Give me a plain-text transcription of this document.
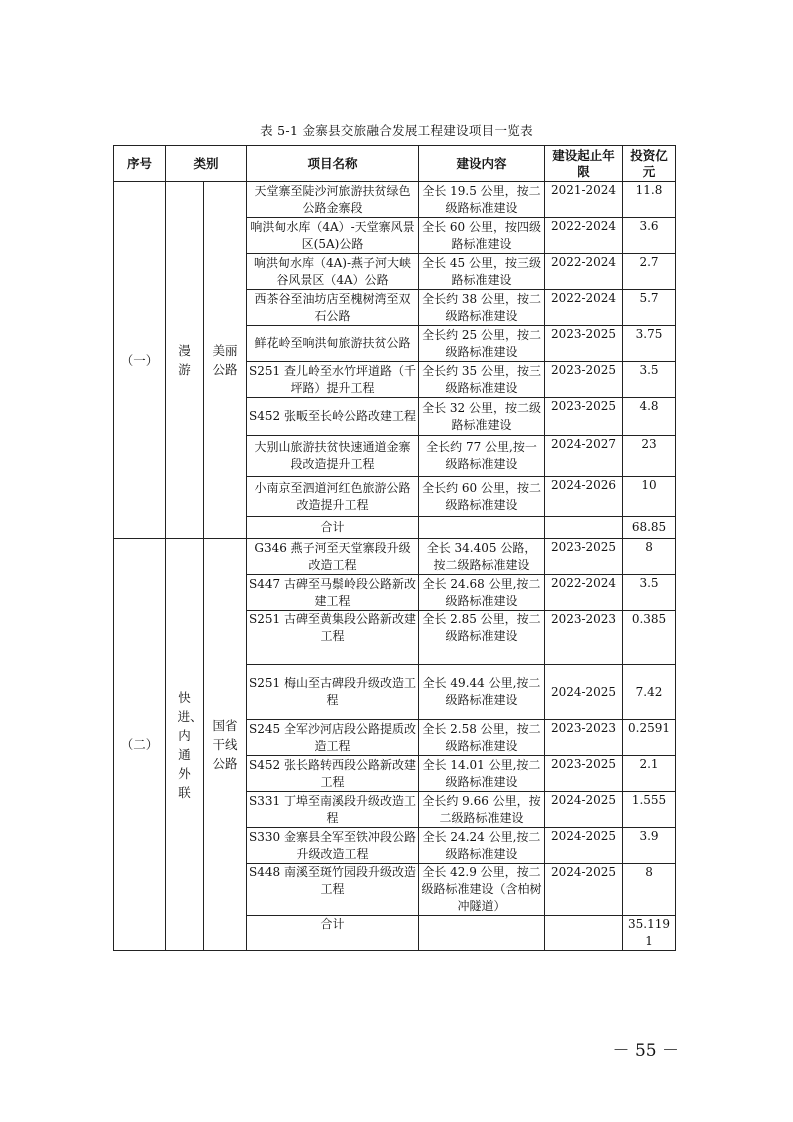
表 5-1 金寨县交旅融合发展工程建设项目一览表
序号	类别		项目名称	建设内容	建设起止年限	投资亿元
（一）	漫游	美丽公路	天堂寨至陡沙河旅游扶贫绿色公路金寨段	全长 19.5 公里，按二级路标准建设	2021-2024	11.8
			响洪甸水库（4A）-天堂寨风景区(5A)公路	全长 60 公里，按四级路标准建设	2022-2024	3.6
			响洪甸水库（4A)-燕子河大峡谷风景区（4A）公路	全长 45 公里，按三级路标准建设	2022-2024	2.7
			西茶谷至油坊店至槐树湾至双石公路	全长约 38 公里，按二级路标准建设	2022-2024	5.7
			鲜花岭至响洪甸旅游扶贫公路	全长约 25 公里，按二级路标准建设	2023-2025	3.75
			S251 查儿岭至水竹坪道路（千坪路）提升工程	全长约 35 公里，按三级路标准建设	2023-2025	3.5
			S452 张畈至长岭公路改建工程	全长 32 公里，按二级路标准建设	2023-2025	4.8
			大别山旅游扶贫快速通道金寨段改造提升工程	全长约 77 公里,按一级路标准建设	2024-2027	23
			小南京至泗道河红色旅游公路改造提升工程	全长约 60 公里，按二级路标准建设	2024-2026	10
			合计			68.85
（二）	快进、内通外联	国省干线公路	G346 燕子河至天堂寨段升级改造工程	全长 34.405 公路，按二级路标准建设	2023-2025	8
			S447 古碑至马鬃岭段公路新改建工程	全长 24.68 公里,按二级路标准建设	2022-2024	3.5
			S251 古碑至黄集段公路新改建工程	全长 2.85 公里，按二级路标准建设	2023-2023	0.385
			S251 梅山至古碑段升级改造工程	全长 49.44 公里,按二级路标准建设	2024-2025	7.42
			S245 全军沙河店段公路提质改造工程	全长 2.58 公里，按二级路标准建设	2023-2023	0.2591
			S452 张长路转西段公路新改建工程	全长 14.01 公里,按二级路标准建设	2023-2025	2.1
			S331 丁埠至南溪段升级改造工程	全长约 9.66 公里，按二级路标准建设	2024-2025	1.555
			S330 金寨县全军至铁冲段公路升级改造工程	全长 24.24 公里,按二级路标准建设	2024-2025	3.9
			S448 南溪至斑竹园段升级改造工程	全长 42.9 公里，按二级路标准建设（含柏树冲隧道）	2024-2025	8
			合计			35.1191
－ 55 －
